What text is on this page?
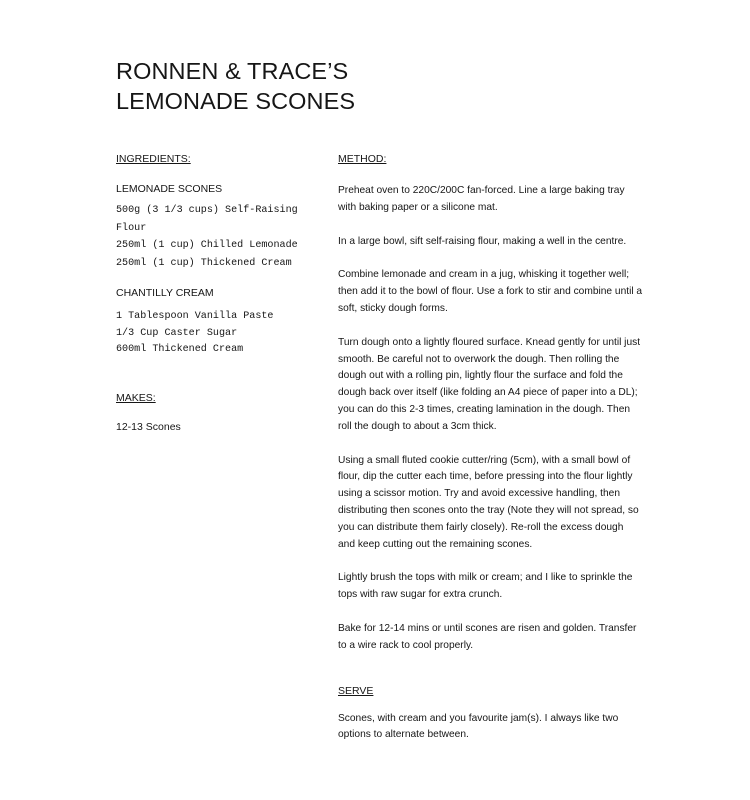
RONNEN & TRACE’S
LEMONADE SCONES

INGREDIENTS:

LEMONADE SCONES

500g (3 1/3 cups) Self-Raising Flour
250ml (1 cup) Chilled Lemonade
250ml (1 cup) Thickened Cream

CHANTILLY CREAM

1 Tablespoon Vanilla Paste
1/3 Cup Caster Sugar
600ml Thickened Cream

MAKES:

12-13 Scones

METHOD:

Preheat oven to 220C/200C fan-forced. Line a large baking tray with baking paper or a silicone mat.

In a large bowl, sift self-raising flour, making a well in the centre.

Combine lemonade and cream in a jug, whisking it together well; then add it to the bowl of flour. Use a fork to stir and combine until a soft, sticky dough forms.

Turn dough onto a lightly floured surface. Knead gently for until just smooth. Be careful not to overwork the dough. Then rolling the dough out with a rolling pin, lightly flour the surface and fold the dough back over itself (like folding an A4 piece of paper into a DL); you can do this 2-3 times, creating lamination in the dough. Then roll the dough to about a 3cm thick.

Using a small fluted cookie cutter/ring (5cm), with a small bowl of flour, dip the cutter each time, before pressing into the flour lightly using a scissor motion. Try and avoid excessive handling, then distributing then scones onto the tray (Note they will not spread, so you can distribute them fairly closely). Re-roll the excess dough and keep cutting out the remaining scones.

Lightly brush the tops with milk or cream; and I like to sprinkle the tops with raw sugar for extra crunch.

Bake for 12-14 mins or until scones are risen and golden. Transfer to a wire rack to cool properly.

SERVE

Scones, with cream and you favourite jam(s). I always like two options to alternate between.
